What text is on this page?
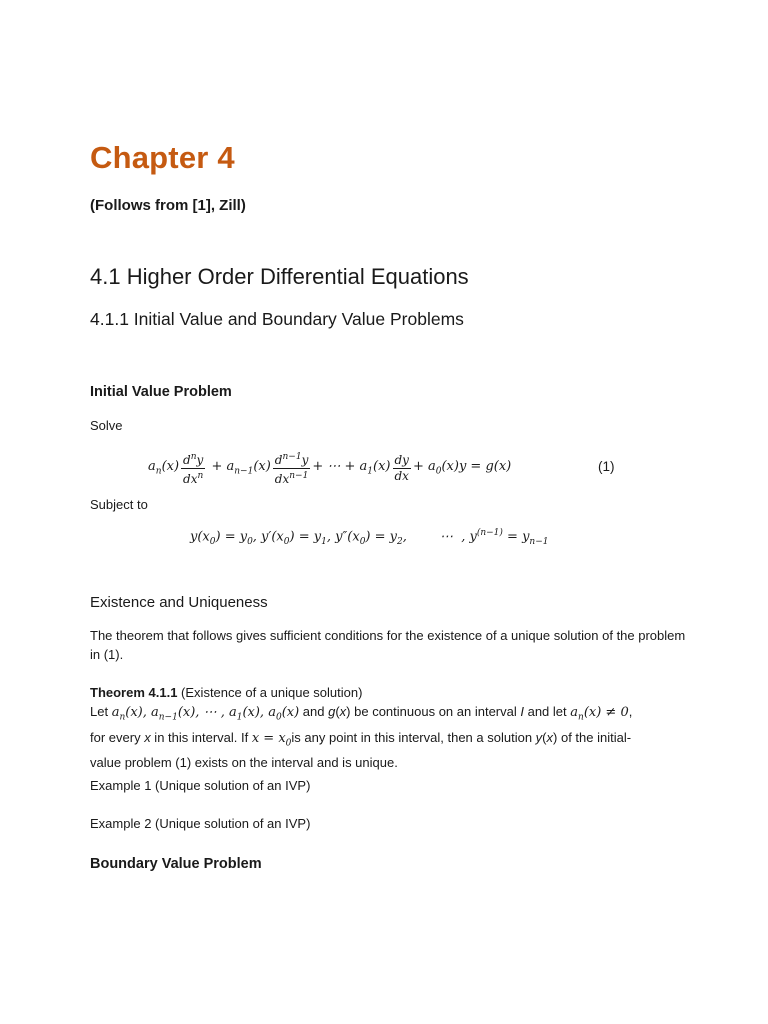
Chapter 4
(Follows from [1], Zill)
4.1 Higher Order Differential Equations
4.1.1 Initial Value and Boundary Value Problems
Initial Value Problem
Solve
$a_n(x) \frac{d^ny}{dx^n} + a_{n-1}(x) \frac{d^{n-1}y}{dx^{n-1}}$ + ⋯ + $a_1(x) \frac{dy}{dx} + a_0(x)y = g(x)$	(1)
Subject to
$y(x_0) = y_0$, $y'(x_0) = y_1$, $y''(x_0) = y_2$,        ⋯  , $y^{(n-1)} = y_{n-1}$
Existence and Uniqueness
The theorem that follows gives sufficient conditions for the existence of a unique solution of the problem in (1).
Theorem 4.1.1 (Existence of a unique solution)
Let $a_n(x)$, $a_{n-1}(x)$, ⋯ , $a_1(x)$, $a_0(x)$ and g(x) be continuous on an interval I and let $a_n(x) \ne 0$,
for every x in this interval. If $x = x_0is$ any point in this interval, then a solution y(x) of the initial-
value problem (1) exists on the interval and is unique.
Example 1 (Unique solution of an IVP)
Example 2 (Unique solution of an IVP)
Boundary Value Problem
